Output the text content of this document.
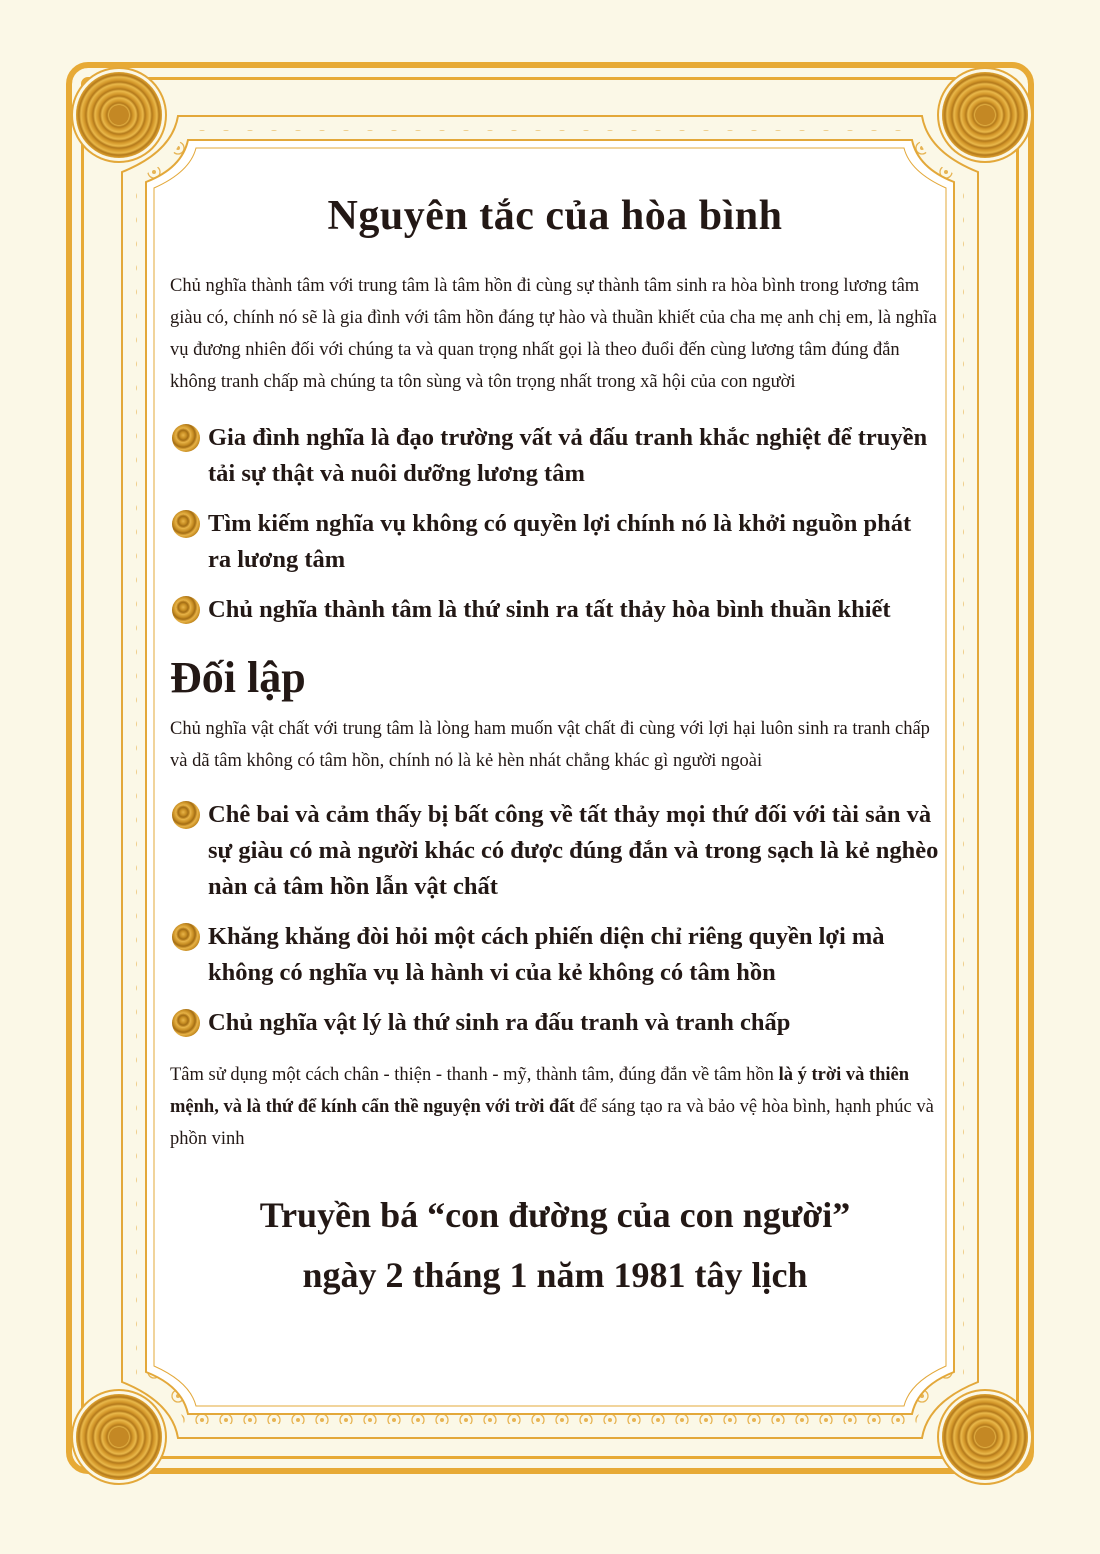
Nguyên tắc của hòa bình

Chủ nghĩa thành tâm với trung tâm là tâm hồn đi cùng sự thành tâm sinh ra hòa bình trong lương tâm giàu có, chính nó sẽ là gia đình với tâm hồn đáng tự hào và thuần khiết của cha mẹ anh chị em, là nghĩa vụ đương nhiên đối với chúng ta và quan trọng nhất gọi là theo đuổi đến cùng lương tâm đúng đắn không tranh chấp mà chúng ta tôn sùng và tôn trọng nhất trong xã hội của con người

Gia đình nghĩa là đạo trường vất vả đấu tranh khắc nghiệt để truyền tải sự thật và nuôi dưỡng lương tâm
Tìm kiếm nghĩa vụ không có quyền lợi chính nó là khởi nguồn phát ra lương tâm
Chủ nghĩa thành tâm là thứ sinh ra tất thảy hòa bình thuần khiết
Đối lập

Chủ nghĩa vật chất với trung tâm là lòng ham muốn vật chất đi cùng với lợi hại luôn sinh ra tranh chấp và dã tâm không có tâm hồn, chính nó là kẻ hèn nhát chẳng khác gì người ngoài

Chê bai và cảm thấy bị bất công về tất thảy mọi thứ đối với tài sản và sự giàu có mà người khác có được đúng đắn và trong sạch là kẻ nghèo nàn cả tâm hồn lẫn vật chất
Khăng khăng đòi hỏi một cách phiến diện chỉ riêng quyền lợi mà không có nghĩa vụ là hành vi của kẻ không có tâm hồn
Chủ nghĩa vật lý là thứ sinh ra đấu tranh và tranh chấp

Tâm sử dụng một cách chân - thiện - thanh - mỹ, thành tâm, đúng đắn về tâm hồn là ý trời và thiên mệnh, và là thứ để kính cẩn thề nguyện với trời đất để sáng tạo ra và bảo vệ hòa bình, hạnh phúc và phồn vinh

Truyền bá “con đường của con người”
ngày 2 tháng 1 năm 1981 tây lịch
